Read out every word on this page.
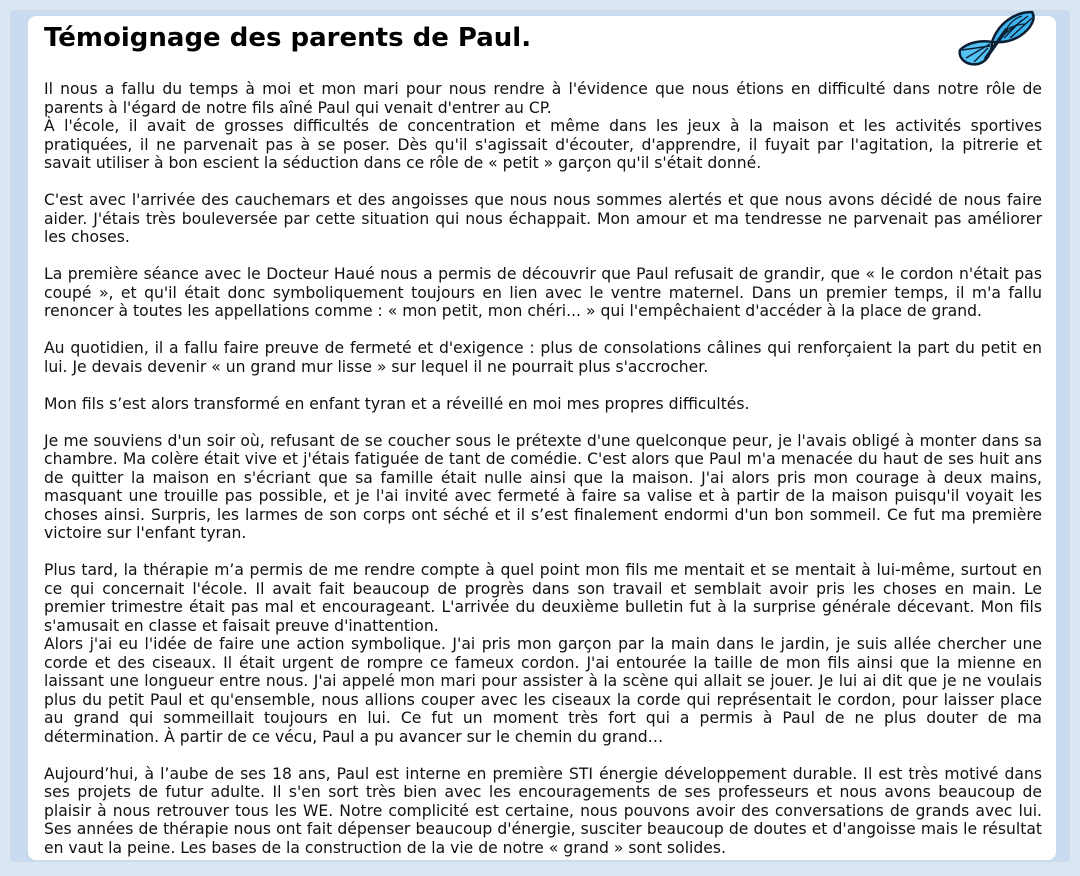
Témoignage des parents de Paul.

Il nous a fallu du temps à moi et mon mari pour nous rendre à l'évidence que nous étions en difficulté dans notre rôle de parents à l'égard de notre fils aîné Paul qui venait d'entrer au CP.

À l'école, il avait de grosses difficultés de concentration et même dans les jeux à la maison et les activités sportives pratiquées, il ne parvenait pas à se poser. Dès qu'il s'agissait d'écouter, d'apprendre, il fuyait par l'agitation, la pitrerie et savait utiliser à bon escient la séduction dans ce rôle de « petit » garçon qu'il s'était donné.

C'est avec l'arrivée des cauchemars et des angoisses que nous nous sommes alertés et que nous avons décidé de nous faire aider. J'étais très bouleversée par cette situation qui nous échappait. Mon amour et ma tendresse ne parvenait pas améliorer les choses.

La première séance avec le Docteur Haué nous a permis de découvrir que Paul refusait de grandir, que « le cordon n'était pas coupé », et qu'il était donc symboliquement toujours en lien avec le ventre maternel. Dans un premier temps, il m'a fallu renoncer à toutes les appellations comme : « mon petit, mon chéri... » qui l'empêchaient d'accéder à la place de grand.

Au quotidien, il a fallu faire preuve de fermeté et d'exigence : plus de consolations câlines qui renforçaient la part du petit en lui. Je devais devenir « un grand mur lisse » sur lequel il ne pourrait plus s'accrocher.

Mon fils s’est alors transformé en enfant tyran et a réveillé en moi mes propres difficultés.

Je me souviens d'un soir où, refusant de se coucher sous le prétexte d'une quelconque peur, je l'avais obligé à monter dans sa chambre. Ma colère était vive et j'étais fatiguée de tant de comédie. C'est alors que Paul m'a menacée du haut de ses huit ans de quitter la maison en s'écriant que sa famille était nulle ainsi que la maison. J'ai alors pris mon courage à deux mains, masquant une trouille pas possible, et je l'ai invité avec fermeté à faire sa valise et à partir de la maison puisqu'il voyait les choses ainsi. Surpris, les larmes de son corps ont séché et il s’est finalement endormi d'un bon sommeil. Ce fut ma première victoire sur l'enfant tyran.

Plus tard, la thérapie m’a permis de me rendre compte à quel point mon fils me mentait et se mentait à lui-même, surtout en ce qui concernait l'école. Il avait fait beaucoup de progrès dans son travail et semblait avoir pris les choses en main. Le premier trimestre était pas mal et encourageant. L'arrivée du deuxième bulletin fut à la surprise générale décevant. Mon fils s'amusait en classe et faisait preuve d'inattention.

Alors j'ai eu l'idée de faire une action symbolique. J'ai pris mon garçon par la main dans le jardin, je suis allée chercher une corde et des ciseaux. Il était urgent de rompre ce fameux cordon. J'ai entourée la taille de mon fils ainsi que la mienne en laissant une longueur entre nous. J'ai appelé mon mari pour assister à la scène qui allait se jouer. Je lui ai dit que je ne voulais plus du petit Paul et qu'ensemble, nous allions couper avec les ciseaux la corde qui représentait le cordon, pour laisser place au grand qui sommeillait toujours en lui. Ce fut un moment très fort qui a permis à Paul de ne plus douter de ma détermination. À partir de ce vécu, Paul a pu avancer sur le chemin du grand…

Aujourd’hui, à l’aube de ses 18 ans, Paul est interne en première STI énergie développement durable. Il est très motivé dans ses projets de futur adulte. Il s'en sort très bien avec les encouragements de ses professeurs et nous avons beaucoup de plaisir à nous retrouver tous les WE. Notre complicité est certaine, nous pouvons avoir des conversations de grands avec lui. Ses années de thérapie nous ont fait dépenser beaucoup d'énergie, susciter beaucoup de doutes et d'angoisse mais le résultat en vaut la peine. Les bases de la construction de la vie de notre « grand » sont solides.
